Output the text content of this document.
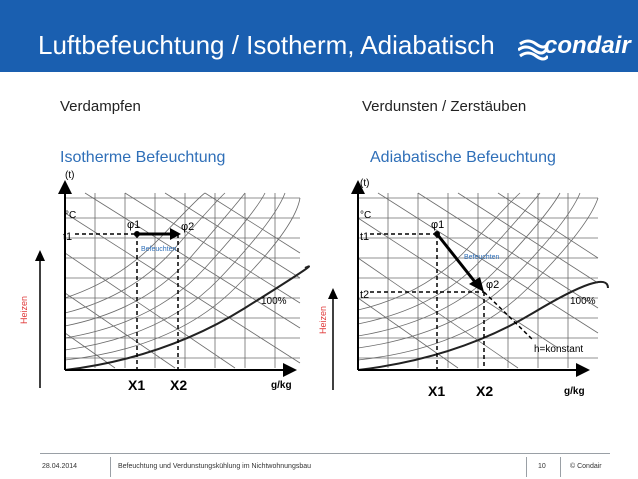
Luftbefeuchtung / Isotherm, Adiabatisch condair
Verdampfen	Verdunsten / Zerstäuben
Isotherme Befeuchtung
(t)
°C
t1
φ1	φ2
Befeuchten
100%
g/kg
X1 X2
Heizen
Adiabatische Befeuchtung
(t)
°C
t1
t2
φ1
φ2
Befeuchten
100%
h=konstant
g/kg
X1 X2
Heizen
28.04.2014	Befeuchtung und Verdunstungskühlung im Nichtwohnungsbau	10	© Condair
